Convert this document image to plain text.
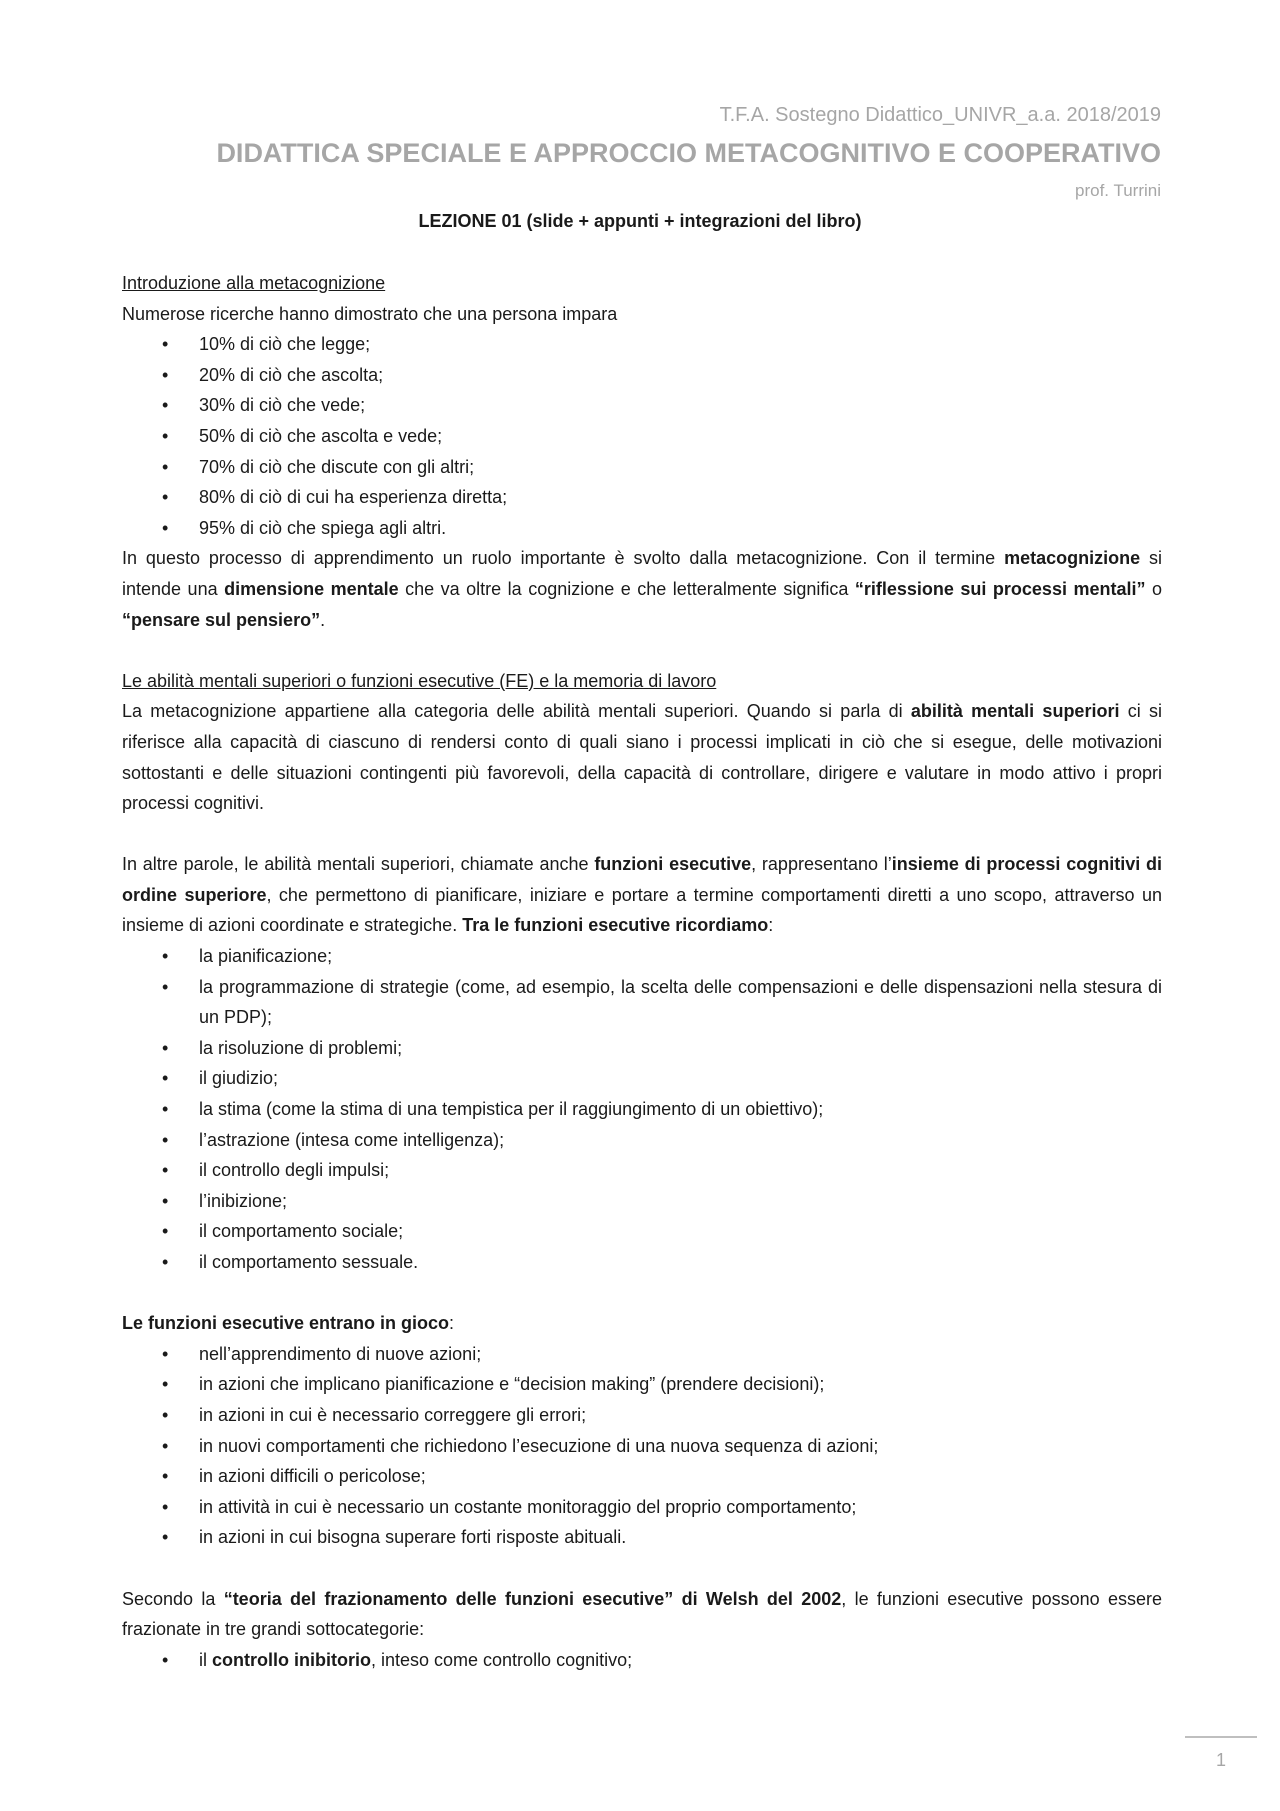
T.F.A. Sostegno Didattico_UNIVR_a.a. 2018/2019
DIDATTICA SPECIALE E APPROCCIO METACOGNITIVO E COOPERATIVO
prof. Turrini
LEZIONE 01 (slide + appunti + integrazioni del libro)
Introduzione alla metacognizione
Numerose ricerche hanno dimostrato che una persona impara
• 10% di ciò che legge;
• 20% di ciò che ascolta;
• 30% di ciò che vede;
• 50% di ciò che ascolta e vede;
• 70% di ciò che discute con gli altri;
• 80% di ciò di cui ha esperienza diretta;
• 95% di ciò che spiega agli altri.

In questo processo di apprendimento un ruolo importante è svolto dalla metacognizione. Con il termine metacognizione si intende una dimensione mentale che va oltre la cognizione e che letteralmente significa “riflessione sui processi mentali” o “pensare sul pensiero”.

Le abilità mentali superiori o funzioni esecutive (FE) e la memoria di lavoro

La metacognizione appartiene alla categoria delle abilità mentali superiori. Quando si parla di abilità mentali superiori ci si riferisce alla capacità di ciascuno di rendersi conto di quali siano i processi implicati in ciò che si esegue, delle motivazioni sottostanti e delle situazioni contingenti più favorevoli, della capacità di controllare, dirigere e valutare in modo attivo i propri processi cognitivi.

In altre parole, le abilità mentali superiori, chiamate anche funzioni esecutive, rappresentano l’insieme di processi cognitivi di ordine superiore, che permettono di pianificare, iniziare e portare a termine comportamenti diretti a uno scopo, attraverso un insieme di azioni coordinate e strategiche. Tra le funzioni esecutive ricordiamo:

• la pianificazione;
• la programmazione di strategie (come, ad esempio, la scelta delle compensazioni e delle dispensazioni nella stesura di un PDP);
• la risoluzione di problemi;
• il giudizio;
• la stima (come la stima di una tempistica per il raggiungimento di un obiettivo);
• l’astrazione (intesa come intelligenza);
• il controllo degli impulsi;
• l’inibizione;
• il comportamento sociale;
• il comportamento sessuale.

Le funzioni esecutive entrano in gioco:

• nell’apprendimento di nuove azioni;
• in azioni che implicano pianificazione e “decision making” (prendere decisioni);
• in azioni in cui è necessario correggere gli errori;
• in nuovi comportamenti che richiedono l’esecuzione di una nuova sequenza di azioni;
• in azioni difficili o pericolose;
• in attività in cui è necessario un costante monitoraggio del proprio comportamento;
• in azioni in cui bisogna superare forti risposte abituali.

Secondo la “teoria del frazionamento delle funzioni esecutive” di Welsh del 2002, le funzioni esecutive possono essere frazionate in tre grandi sottocategorie:

• il controllo inibitorio, inteso come controllo cognitivo;
1
